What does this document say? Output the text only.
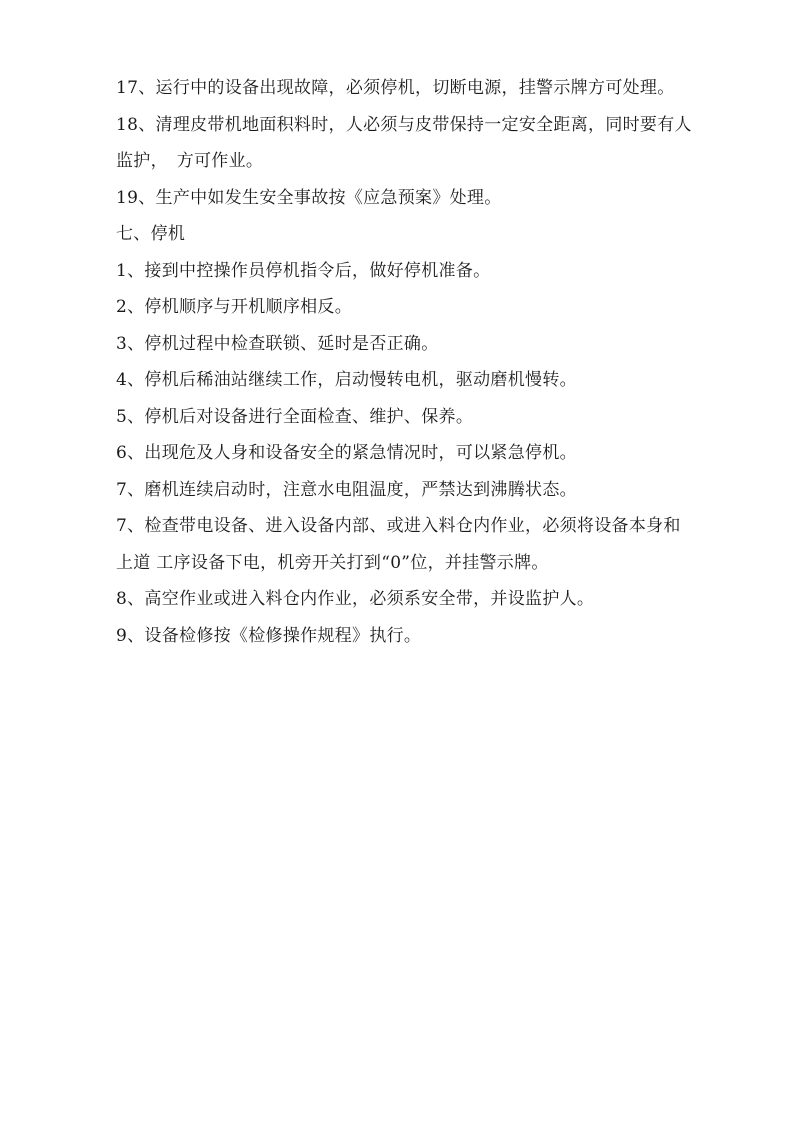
17、运行中的设备出现故障，必须停机，切断电源，挂警示牌方可处理。

18、清理皮带机地面积料时，人必须与皮带保持一定安全距离，同时要有人监护，　方可作业。

19、生产中如发生安全事故按《应急预案》处理。

七、停机

1、接到中控操作员停机指令后，做好停机准备。

2、停机顺序与开机顺序相反。

3、停机过程中检查联锁、延时是否正确。

4、停机后稀油站继续工作，启动慢转电机，驱动磨机慢转。

5、停机后对设备进行全面检查、维护、保养。

6、出现危及人身和设备安全的紧急情况时，可以紧急停机。

7、磨机连续启动时，注意水电阻温度，严禁达到沸腾状态。

7、检查带电设备、进入设备内部、或进入料仓内作业，必须将设备本身和上道 工序设备下电，机旁开关打到“0”位，并挂警示牌。

8、高空作业或进入料仓内作业，必须系安全带，并设监护人。

9、设备检修按《检修操作规程》执行。
